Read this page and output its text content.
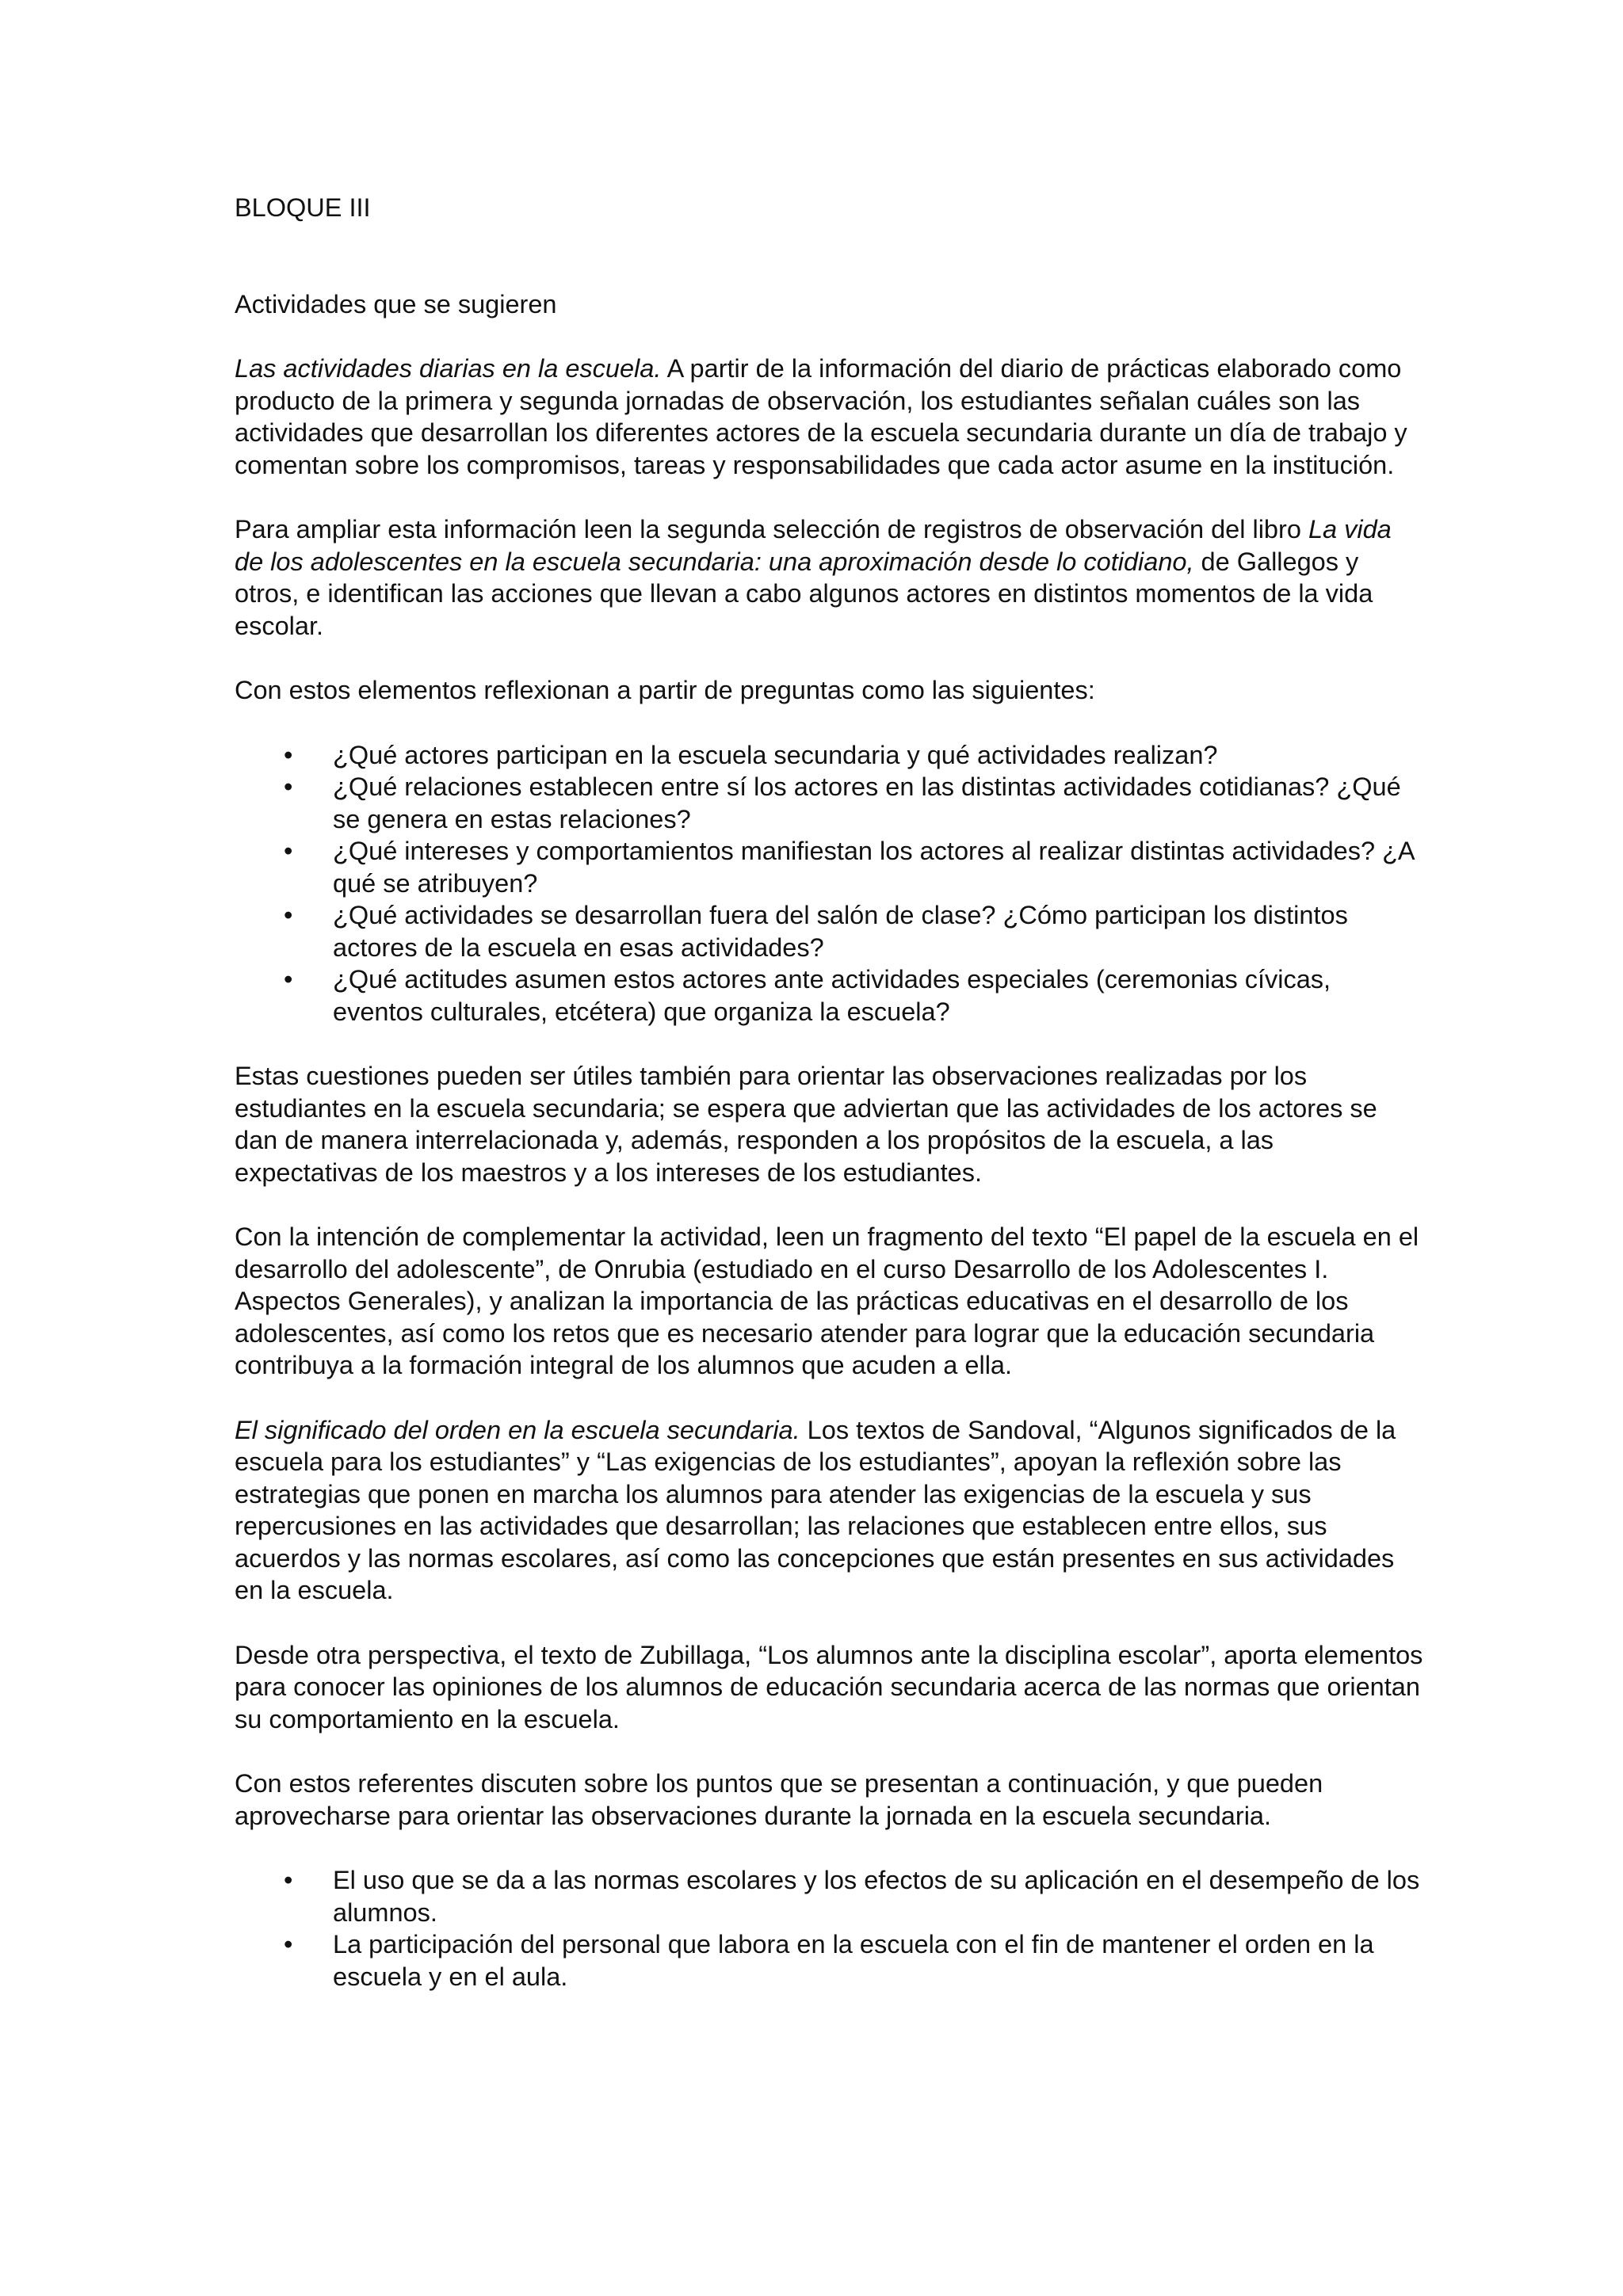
BLOQUE III
Actividades que se sugieren

Las actividades diarias en la escuela. A partir de la información del diario de prácticas elaborado como producto de la primera y segunda jornadas de observación, los estudiantes señalan cuáles son las actividades que desarrollan los diferentes actores de la escuela secundaria durante un día de trabajo y comentan sobre los compromisos, tareas y responsabilidades que cada actor asume en la institución.

Para ampliar esta información leen la segunda selección de registros de observación del libro La vida de los adolescentes en la escuela secundaria: una aproximación desde lo cotidiano, de Gallegos y otros, e identifican las acciones que llevan a cabo algunos actores en distintos momentos de la vida escolar.

Con estos elementos reflexionan a partir de preguntas como las siguientes:

•	¿Qué actores participan en la escuela secundaria y qué actividades realizan?
•	¿Qué relaciones establecen entre sí los actores en las distintas actividades cotidianas? ¿Qué se genera en estas relaciones?
•	¿Qué intereses y comportamientos manifiestan los actores al realizar distintas actividades? ¿A qué se atribuyen?
•	¿Qué actividades se desarrollan fuera del salón de clase? ¿Cómo participan los distintos actores de la escuela en esas actividades?
•	¿Qué actitudes asumen estos actores ante actividades especiales (ceremonias cívicas, eventos culturales, etcétera) que organiza la escuela?

Estas cuestiones pueden ser útiles también para orientar las observaciones realizadas por los estudiantes en la escuela secundaria; se espera que adviertan que las actividades de los actores se dan de manera interrelacionada y, además, responden a los propósitos de la escuela, a las expectativas de los maestros y a los intereses de los estudiantes.

Con la intención de complementar la actividad, leen un fragmento del texto “El papel de la escuela en el desarrollo del adolescente”, de Onrubia (estudiado en el curso Desarrollo de los Adolescentes I. Aspectos Generales), y analizan la importancia de las prácticas educativas en el desarrollo de los adolescentes, así como los retos que es necesario atender para lograr que la educación secundaria contribuya a la formación integral de los alumnos que acuden a ella.

El significado del orden en la escuela secundaria. Los textos de Sandoval, “Algunos significados de la escuela para los estudiantes” y “Las exigencias de los estudiantes”, apoyan la reflexión sobre las estrategias que ponen en marcha los alumnos para atender las exigencias de la escuela y sus repercusiones en las actividades que desarrollan; las relaciones que establecen entre ellos, sus acuerdos y las normas escolares, así como las concepciones que están presentes en sus actividades en la escuela.

Desde otra perspectiva, el texto de Zubillaga, “Los alumnos ante la disciplina escolar”, aporta elementos para conocer las opiniones de los alumnos de educación secundaria acerca de las normas que orientan su comportamiento en la escuela.

Con estos referentes discuten sobre los puntos que se presentan a continuación, y que pueden aprovecharse para orientar las observaciones durante la jornada en la escuela secundaria.

•	El uso que se da a las normas escolares y los efectos de su aplicación en el desempeño de los alumnos.
•	La participación del personal que labora en la escuela con el fin de mantener el orden en la escuela y en el aula.
